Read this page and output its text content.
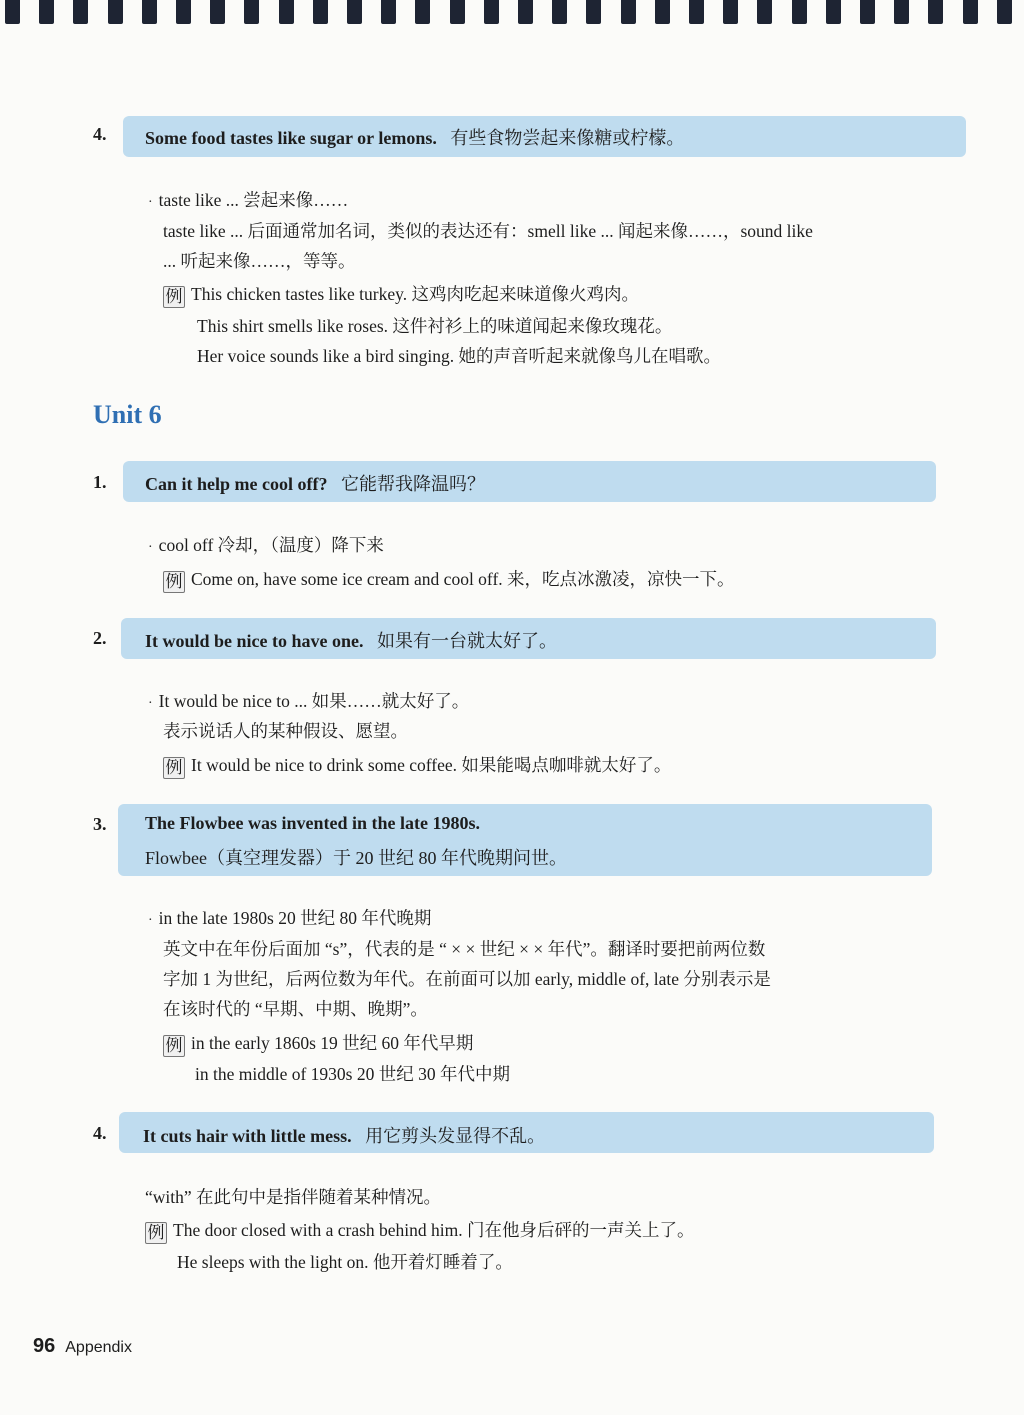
4. Some food tastes like sugar or lemons. 有些食物尝起来像糖或柠檬。
· taste like ... 尝起来像……
taste like ... 后面通常加名词，类似的表达还有：smell like ... 闻起来像……，sound like
... 听起来像……，等等。
例 This chicken tastes like turkey. 这鸡肉吃起来味道像火鸡肉。
This shirt smells like roses. 这件衬衫上的味道闻起来像玫瑰花。
Her voice sounds like a bird singing. 她的声音听起来就像鸟儿在唱歌。
Unit 6
1. Can it help me cool off? 它能帮我降温吗？
· cool off 冷却，（温度）降下来
例 Come on, have some ice cream and cool off. 来，吃点冰激凌，凉快一下。
2. It would be nice to have one. 如果有一台就太好了。
· It would be nice to ... 如果……就太好了。
表示说话人的某种假设、愿望。
例 It would be nice to drink some coffee. 如果能喝点咖啡就太好了。
3. The Flowbee was invented in the late 1980s.
Flowbee（真空理发器）于 20 世纪 80 年代晚期问世。
· in the late 1980s 20 世纪 80 年代晚期
英文中在年份后面加 “s”，代表的是 “ × × 世纪 × × 年代”。翻译时要把前两位数
字加 1 为世纪，后两位数为年代。在前面可以加 early, middle of, late 分别表示是
在该时代的 “早期、中期、晚期”。
例 in the early 1860s 19 世纪 60 年代早期
in the middle of 1930s 20 世纪 30 年代中期
4. It cuts hair with little mess. 用它剪头发显得不乱。
“with” 在此句中是指伴随着某种情况。
例 The door closed with a crash behind him. 门在他身后砰的一声关上了。
He sleeps with the light on. 他开着灯睡着了。
96 Appendix
